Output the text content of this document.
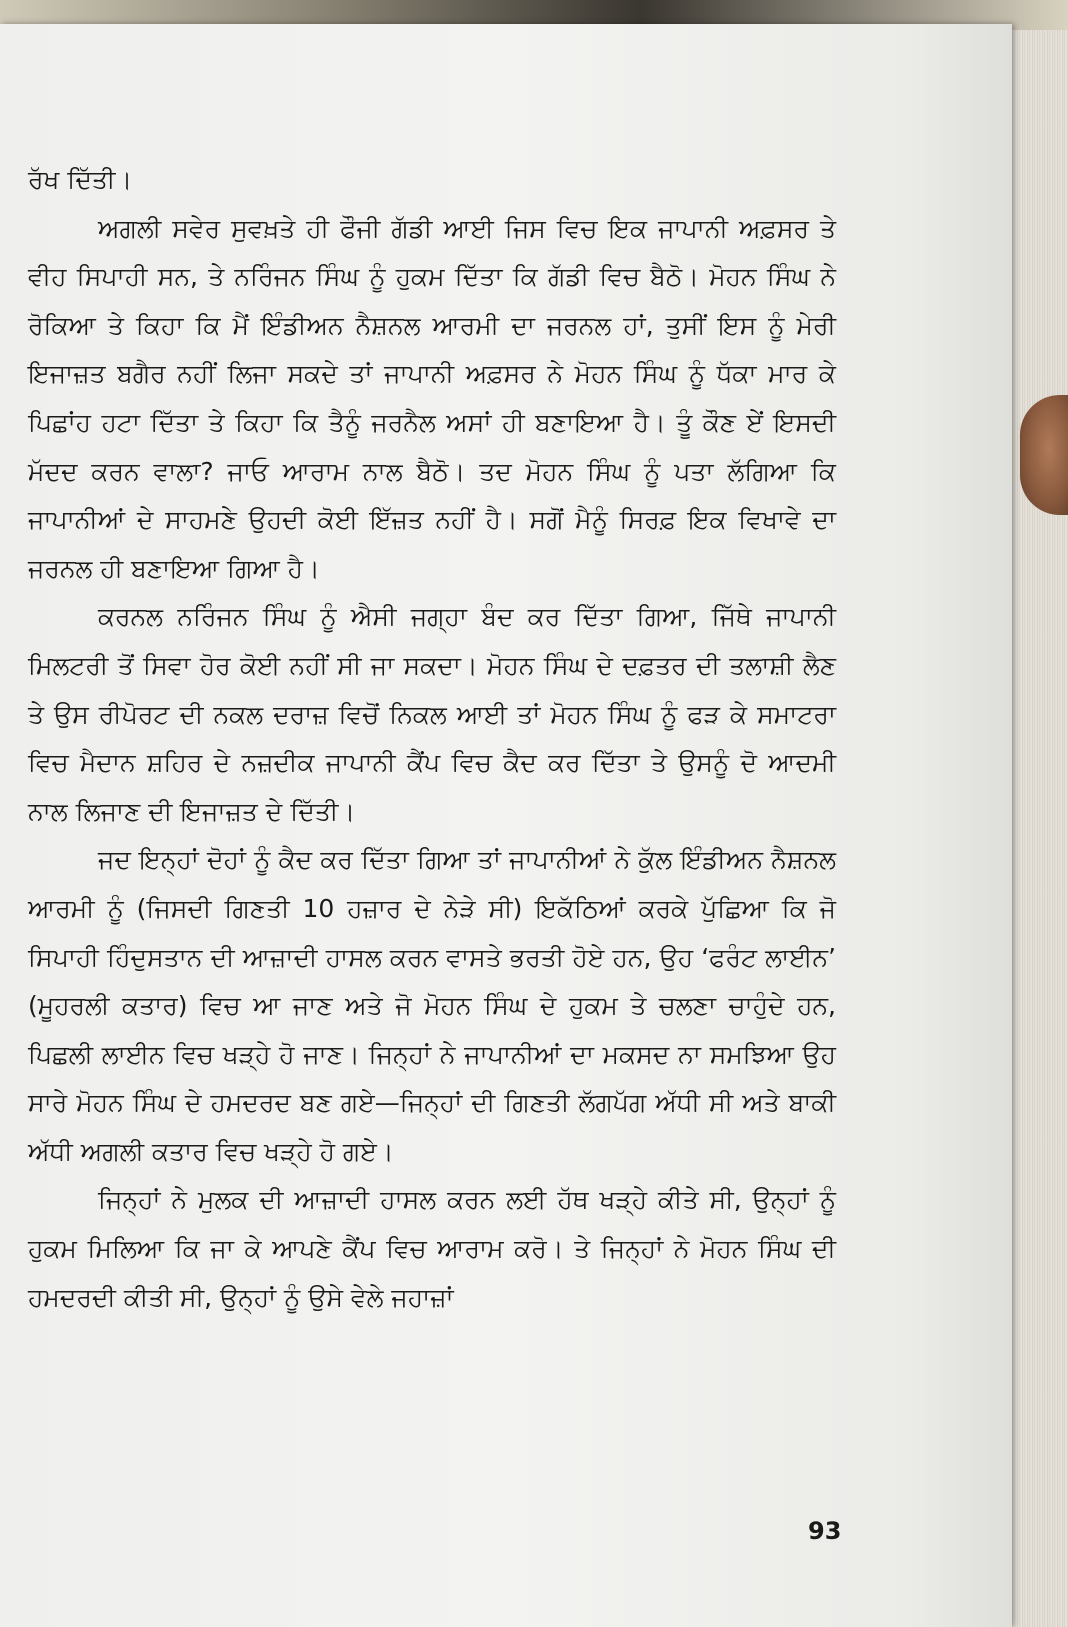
ਰੱਖ ਦਿੱਤੀ।

ਅਗਲੀ ਸਵੇਰ ਸੁਵਖ਼ਤੇ ਹੀ ਫੌਜੀ ਗੱਡੀ ਆਈ ਜਿਸ ਵਿਚ ਇਕ ਜਾਪਾਨੀ ਅਫ਼ਸਰ ਤੇ ਵੀਹ ਸਿਪਾਹੀ ਸਨ, ਤੇ ਨਰਿੰਜਨ ਸਿੰਘ ਨੂੰ ਹੁਕਮ ਦਿੱਤਾ ਕਿ ਗੱਡੀ ਵਿਚ ਬੈਠੋ। ਮੋਹਨ ਸਿੰਘ ਨੇ ਰੋਕਿਆ ਤੇ ਕਿਹਾ ਕਿ ਮੈਂ ਇੰਡੀਅਨ ਨੈਸ਼ਨਲ ਆਰਮੀ ਦਾ ਜਰਨਲ ਹਾਂ, ਤੁਸੀਂ ਇਸ ਨੂੰ ਮੇਰੀ ਇਜਾਜ਼ਤ ਬਗੈਰ ਨਹੀਂ ਲਿਜਾ ਸਕਦੇ ਤਾਂ ਜਾਪਾਨੀ ਅਫ਼ਸਰ ਨੇ ਮੋਹਨ ਸਿੰਘ ਨੂੰ ਧੱਕਾ ਮਾਰ ਕੇ ਪਿਛਾਂਹ ਹਟਾ ਦਿੱਤਾ ਤੇ ਕਿਹਾ ਕਿ ਤੈਨੂੰ ਜਰਨੈਲ ਅਸਾਂ ਹੀ ਬਣਾਇਆ ਹੈ। ਤੂੰ ਕੌਣ ਏਂ ਇਸਦੀ ਮੱਦਦ ਕਰਨ ਵਾਲਾ? ਜਾਓ ਆਰਾਮ ਨਾਲ ਬੈਠੋ। ਤਦ ਮੋਹਨ ਸਿੰਘ ਨੂੰ ਪਤਾ ਲੱਗਿਆ ਕਿ ਜਾਪਾਨੀਆਂ ਦੇ ਸਾਹਮਣੇ ਉਹਦੀ ਕੋਈ ਇੱਜ਼ਤ ਨਹੀਂ ਹੈ। ਸਗੋਂ ਮੈਨੂੰ ਸਿਰਫ਼ ਇਕ ਵਿਖਾਵੇ ਦਾ ਜਰਨਲ ਹੀ ਬਣਾਇਆ ਗਿਆ ਹੈ।

ਕਰਨਲ ਨਰਿੰਜਨ ਸਿੰਘ ਨੂੰ ਐਸੀ ਜਗ੍ਹਾ ਬੰਦ ਕਰ ਦਿੱਤਾ ਗਿਆ, ਜਿੱਥੇ ਜਾਪਾਨੀ ਮਿਲਟਰੀ ਤੋਂ ਸਿਵਾ ਹੋਰ ਕੋਈ ਨਹੀਂ ਸੀ ਜਾ ਸਕਦਾ। ਮੋਹਨ ਸਿੰਘ ਦੇ ਦਫ਼ਤਰ ਦੀ ਤਲਾਸ਼ੀ ਲੈਣ ਤੇ ਉਸ ਰੀਪੋਰਟ ਦੀ ਨਕਲ ਦਰਾਜ਼ ਵਿਚੋਂ ਨਿਕਲ ਆਈ ਤਾਂ ਮੋਹਨ ਸਿੰਘ ਨੂੰ ਫੜ ਕੇ ਸਮਾਟਰਾ ਵਿਚ ਮੈਦਾਨ ਸ਼ਹਿਰ ਦੇ ਨਜ਼ਦੀਕ ਜਾਪਾਨੀ ਕੈਂਪ ਵਿਚ ਕੈਦ ਕਰ ਦਿੱਤਾ ਤੇ ਉਸਨੂੰ ਦੋ ਆਦਮੀ ਨਾਲ ਲਿਜਾਣ ਦੀ ਇਜਾਜ਼ਤ ਦੇ ਦਿੱਤੀ।

ਜਦ ਇਨ੍ਹਾਂ ਦੋਹਾਂ ਨੂੰ ਕੈਦ ਕਰ ਦਿੱਤਾ ਗਿਆ ਤਾਂ ਜਾਪਾਨੀਆਂ ਨੇ ਕੁੱਲ ਇੰਡੀਅਨ ਨੈਸ਼ਨਲ ਆਰਮੀ ਨੂੰ (ਜਿਸਦੀ ਗਿਣਤੀ 10 ਹਜ਼ਾਰ ਦੇ ਨੇੜੇ ਸੀ) ਇਕੱਠਿਆਂ ਕਰਕੇ ਪੁੱਛਿਆ ਕਿ ਜੋ ਸਿਪਾਹੀ ਹਿੰਦੁਸਤਾਨ ਦੀ ਆਜ਼ਾਦੀ ਹਾਸਲ ਕਰਨ ਵਾਸਤੇ ਭਰਤੀ ਹੋਏ ਹਨ, ਉਹ ‘ਫਰੰਟ ਲਾਈਨ’ (ਮੂਹਰਲੀ ਕਤਾਰ) ਵਿਚ ਆ ਜਾਣ ਅਤੇ ਜੋ ਮੋਹਨ ਸਿੰਘ ਦੇ ਹੁਕਮ ਤੇ ਚਲਣਾ ਚਾਹੁੰਦੇ ਹਨ, ਪਿਛਲੀ ਲਾਈਨ ਵਿਚ ਖੜ੍ਹੇ ਹੋ ਜਾਣ। ਜਿਨ੍ਹਾਂ ਨੇ ਜਾਪਾਨੀਆਂ ਦਾ ਮਕਸਦ ਨਾ ਸਮਝਿਆ ਉਹ ਸਾਰੇ ਮੋਹਨ ਸਿੰਘ ਦੇ ਹਮਦਰਦ ਬਣ ਗਏ—ਜਿਨ੍ਹਾਂ ਦੀ ਗਿਣਤੀ ਲੱਗਪੱਗ ਅੱਧੀ ਸੀ ਅਤੇ ਬਾਕੀ ਅੱਧੀ ਅਗਲੀ ਕਤਾਰ ਵਿਚ ਖੜ੍ਹੇ ਹੋ ਗਏ।

ਜਿਨ੍ਹਾਂ ਨੇ ਮੁਲਕ ਦੀ ਆਜ਼ਾਦੀ ਹਾਸਲ ਕਰਨ ਲਈ ਹੱਥ ਖੜ੍ਹੇ ਕੀਤੇ ਸੀ, ਉਨ੍ਹਾਂ ਨੂੰ ਹੁਕਮ ਮਿਲਿਆ ਕਿ ਜਾ ਕੇ ਆਪਣੇ ਕੈਂਪ ਵਿਚ ਆਰਾਮ ਕਰੋ। ਤੇ ਜਿਨ੍ਹਾਂ ਨੇ ਮੋਹਨ ਸਿੰਘ ਦੀ ਹਮਦਰਦੀ ਕੀਤੀ ਸੀ, ਉਨ੍ਹਾਂ ਨੂੰ ਉਸੇ ਵੇਲੇ ਜਹਾਜ਼ਾਂ

93
